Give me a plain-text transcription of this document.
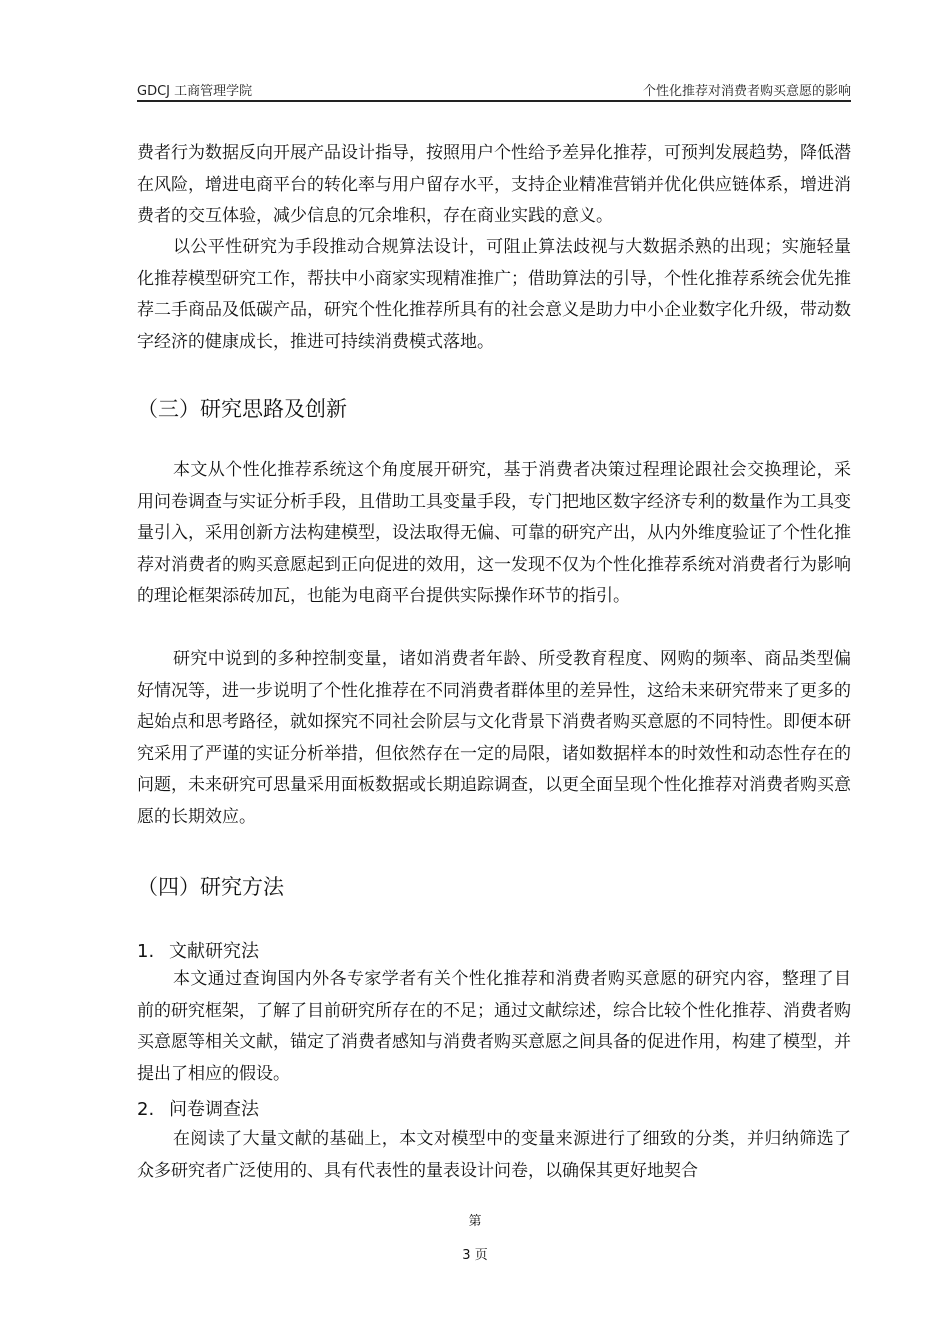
GDCJ 工商管理学院	个性化推荐对消费者购买意愿的影响

费者行为数据反向开展产品设计指导，按照用户个性给予差异化推荐，可预判发展趋势，降低潜在风险，增进电商平台的转化率与用户留存水平，支持企业精准营销并优化供应链体系，增进消费者的交互体验，减少信息的冗余堆积，存在商业实践的意义。

以公平性研究为手段推动合规算法设计，可阻止算法歧视与大数据杀熟的出现；实施轻量化推荐模型研究工作，帮扶中小商家实现精准推广；借助算法的引导，个性化推荐系统会优先推荐二手商品及低碳产品，研究个性化推荐所具有的社会意义是助力中小企业数字化升级，带动数字经济的健康成长，推进可持续消费模式落地。

（三）研究思路及创新

本文从个性化推荐系统这个角度展开研究，基于消费者决策过程理论跟社会交换理论，采用问卷调查与实证分析手段，且借助工具变量手段，专门把地区数字经济专利的数量作为工具变量引入，采用创新方法构建模型，设法取得无偏、可靠的研究产出，从内外维度验证了个性化推荐对消费者的购买意愿起到正向促进的效用，这一发现不仅为个性化推荐系统对消费者行为影响的理论框架添砖加瓦，也能为电商平台提供实际操作环节的指引。

研究中说到的多种控制变量，诸如消费者年龄、所受教育程度、网购的频率、商品类型偏好情况等，进一步说明了个性化推荐在不同消费者群体里的差异性，这给未来研究带来了更多的起始点和思考路径，就如探究不同社会阶层与文化背景下消费者购买意愿的不同特性。即便本研究采用了严谨的实证分析举措，但依然存在一定的局限，诸如数据样本的时效性和动态性存在的问题，未来研究可思量采用面板数据或长期追踪调查，以更全面呈现个性化推荐对消费者购买意愿的长期效应。

（四）研究方法
1. 文献研究法

本文通过查询国内外各专家学者有关个性化推荐和消费者购买意愿的研究内容，整理了目前的研究框架，了解了目前研究所存在的不足；通过文献综述，综合比较个性化推荐、消费者购买意愿等相关文献，锚定了消费者感知与消费者购买意愿之间具备的促进作用，构建了模型，并提出了相应的假设。

2. 问卷调查法

在阅读了大量文献的基础上，本文对模型中的变量来源进行了细致的分类，并归纳筛选了众多研究者广泛使用的、具有代表性的量表设计问卷，以确保其更好地契合

第
3 页
